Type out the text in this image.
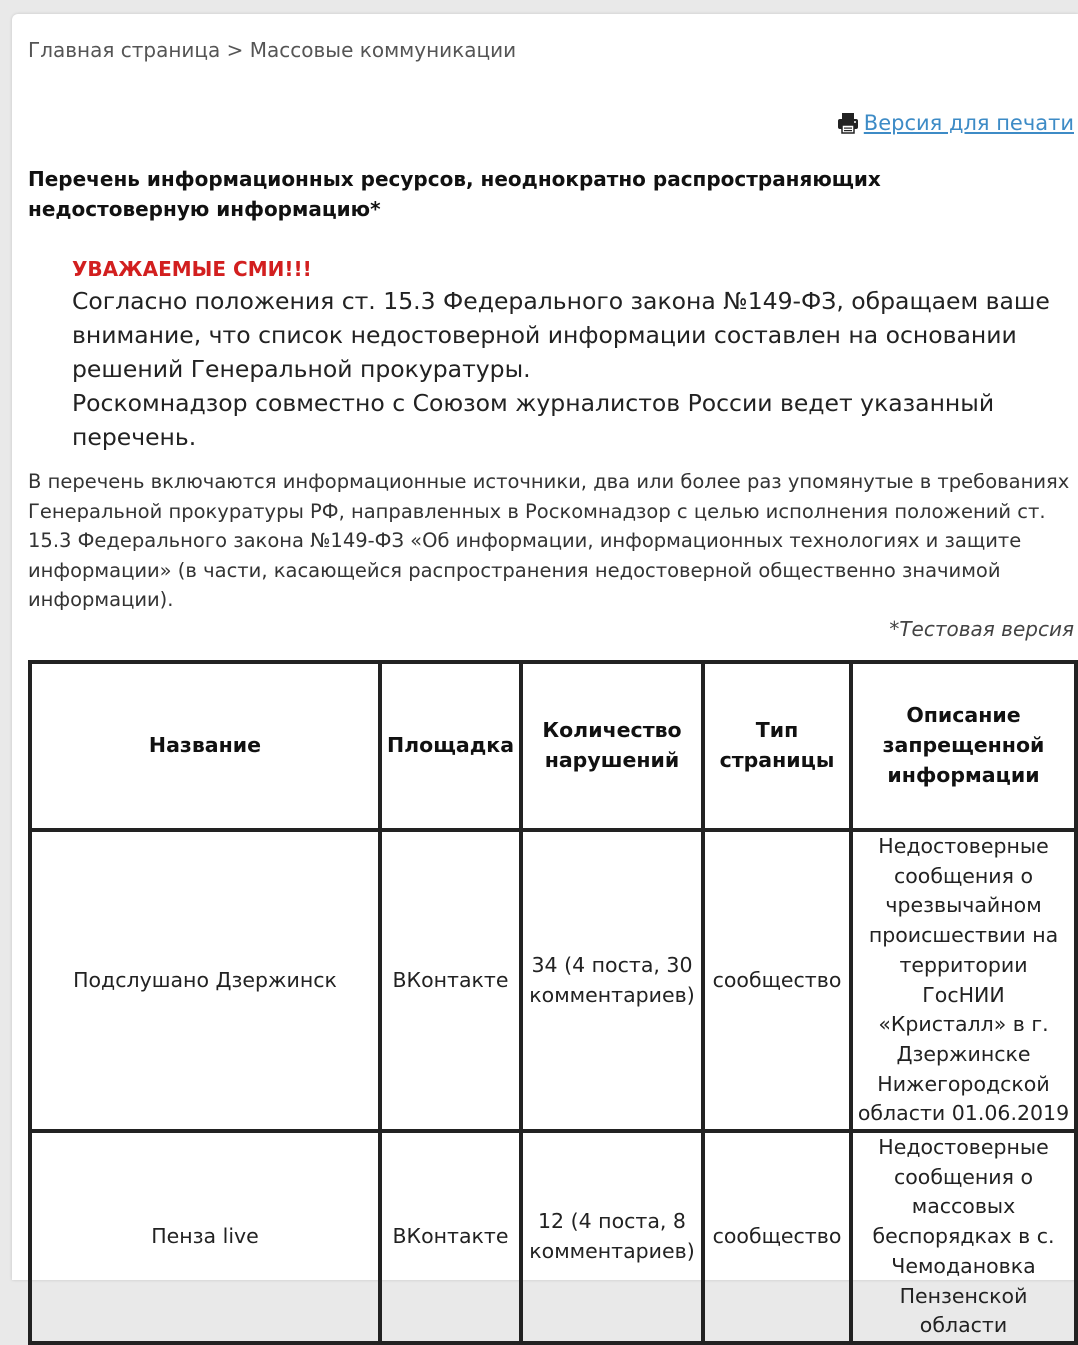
Главная страница > Массовые коммуникации
Версия для печати
Перечень информационных ресурсов, неоднократно распространяющих недостоверную информацию*
УВАЖАЕМЫЕ СМИ!!!
Согласно положения ст. 15.3 Федерального закона №149-ФЗ, обращаем ваше внимание, что список недостоверной информации составлен на основании решений Генеральной прокуратуры.
Роскомнадзор совместно с Союзом журналистов России ведет указанный перечень.
В перечень включаются информационные источники, два или более раз упомянутые в требованиях Генеральной прокуратуры РФ, направленных в Роскомнадзор с целью исполнения положений ст. 15.3 Федерального закона №149-ФЗ «Об информации, информационных технологиях и защите информации» (в части, касающейся распространения недостоверной общественно значимой информации).
*Тестовая версия
Название	Площадка	Количество нарушений	Тип страницы	Описание запрещенной информации
Подслушано Дзержинск	ВКонтакте	34 (4 поста, 30 комментариев)	сообщество	Недостоверные сообщения о чрезвычайном происшествии на территории ГосНИИ «Кристалл» в г. Дзержинске Нижегородской области 01.06.2019
Пенза live	ВКонтакте	12 (4 поста, 8 комментариев)	сообщество	Недостоверные сообщения о массовых беспорядках в с. Чемодановка Пензенской области
